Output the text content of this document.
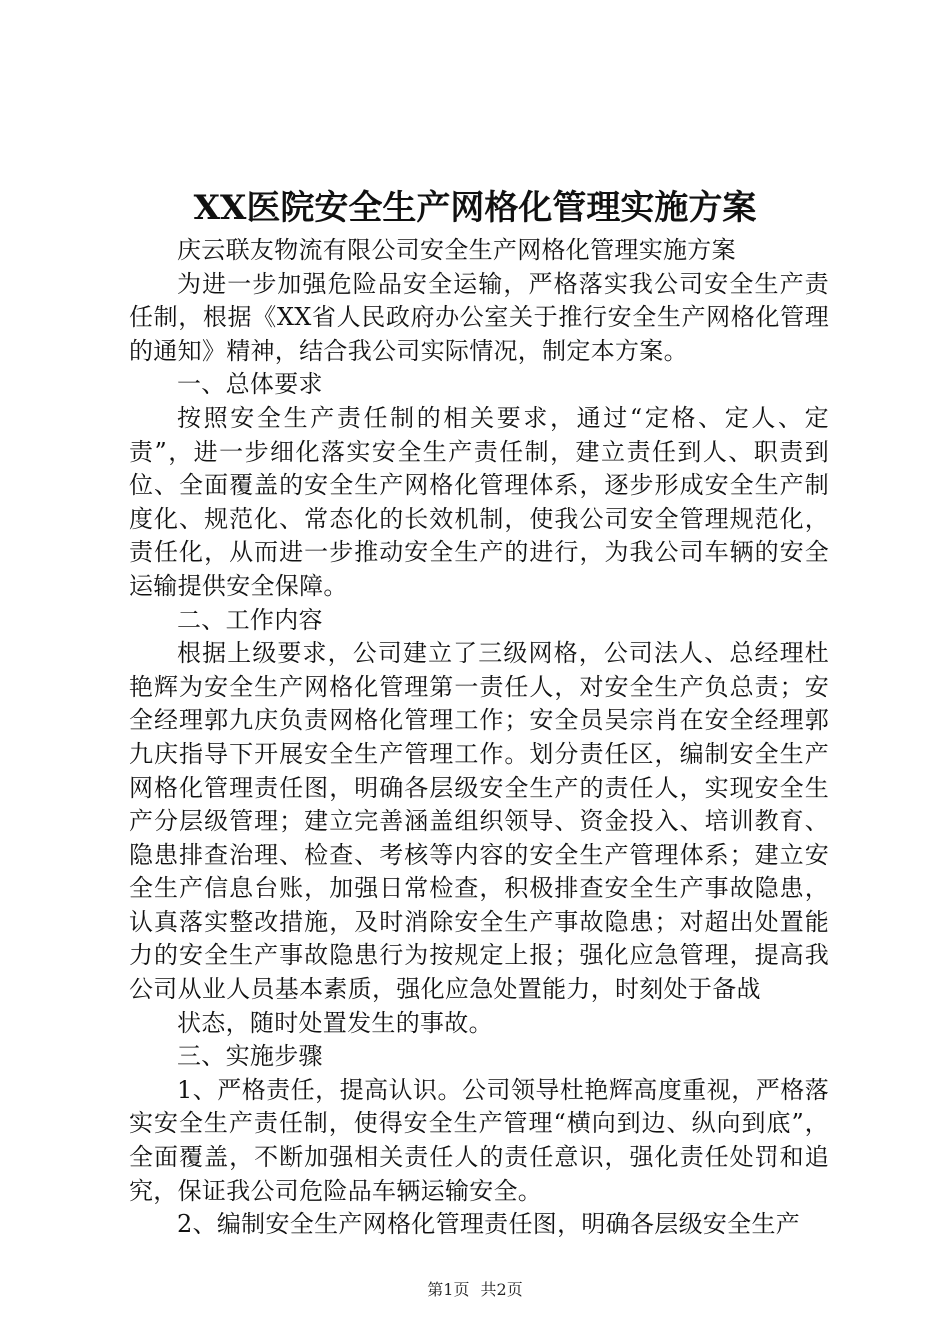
XX医院安全生产网格化管理实施方案

庆云联友物流有限公司安全生产网格化管理实施方案

为进一步加强危险品安全运输，严格落实我公司安全生产责任制，根据《XX省人民政府办公室关于推行安全生产网格化管理的通知》精神，结合我公司实际情况，制定本方案。

一、总体要求

按照安全生产责任制的相关要求，通过“定格、定人、定责”，进一步细化落实安全生产责任制，建立责任到人、职责到位、全面覆盖的安全生产网格化管理体系，逐步形成安全生产制度化、规范化、常态化的长效机制，使我公司安全管理规范化，责任化，从而进一步推动安全生产的进行，为我公司车辆的安全运输提供安全保障。

二、工作内容

根据上级要求，公司建立了三级网格，公司法人、总经理杜艳辉为安全生产网格化管理第一责任人，对安全生产负总责；安全经理郭九庆负责网格化管理工作；安全员吴宗肖在安全经理郭九庆指导下开展安全生产管理工作。划分责任区，编制安全生产网格化管理责任图，明确各层级安全生产的责任人，实现安全生产分层级管理；建立完善涵盖组织领导、资金投入、培训教育、隐患排查治理、检查、考核等内容的安全生产管理体系；建立安全生产信息台账，加强日常检查，积极排查安全生产事故隐患，认真落实整改措施，及时消除安全生产事故隐患；对超出处置能力的安全生产事故隐患行为按规定上报；强化应急管理，提高我公司从业人员基本素质，强化应急处置能力，时刻处于备战

状态，随时处置发生的事故。

三、实施步骤

1、严格责任，提高认识。公司领导杜艳辉高度重视，严格落实安全生产责任制，使得安全生产管理“横向到边、纵向到底”，全面覆盖，不断加强相关责任人的责任意识，强化责任处罚和追究，保证我公司危险品车辆运输安全。

2、编制安全生产网格化管理责任图，明确各层级安全生产

第1页 共2页
